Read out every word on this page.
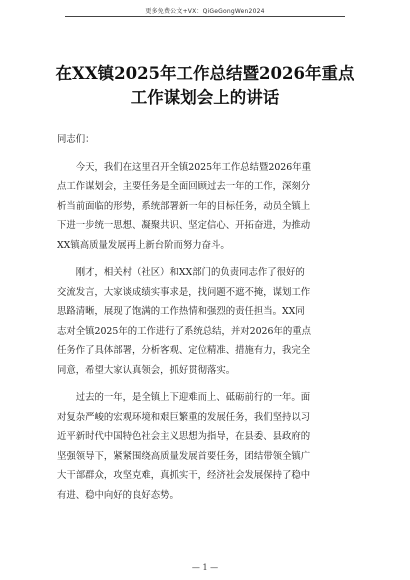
更多免费公文+VX：QiGeGongWen2024
在XX镇2025年工作总结暨2026年重点
工作谋划会上的讲话
同志们：
　　今天，我们在这里召开全镇2025年工作总结暨2026年重
点工作谋划会，主要任务是全面回顾过去一年的工作，深刻分
析当前面临的形势，系统部署新一年的目标任务，动员全镇上
下进一步统一思想、凝聚共识、坚定信心、开拓奋进，为推动
XX镇高质量发展再上新台阶而努力奋斗。
　　刚才，相关村（社区）和XX部门的负责同志作了很好的
交流发言，大家谈成绩实事求是，找问题不遮不掩，谋划工作
思路清晰，展现了饱满的工作热情和强烈的责任担当。XX同
志对全镇2025年的工作进行了系统总结，并对2026年的重点
任务作了具体部署，分析客观、定位精准、措施有力，我完全
同意，希望大家认真领会，抓好贯彻落实。
　　过去的一年，是全镇上下迎难而上、砥砺前行的一年。面
对复杂严峻的宏观环境和艰巨繁重的发展任务，我们坚持以习
近平新时代中国特色社会主义思想为指导，在县委、县政府的
坚强领导下，紧紧围绕高质量发展首要任务，团结带领全镇广
大干部群众，攻坚克难，真抓实干，经济社会发展保持了稳中
有进、稳中向好的良好态势。
— 1 —
